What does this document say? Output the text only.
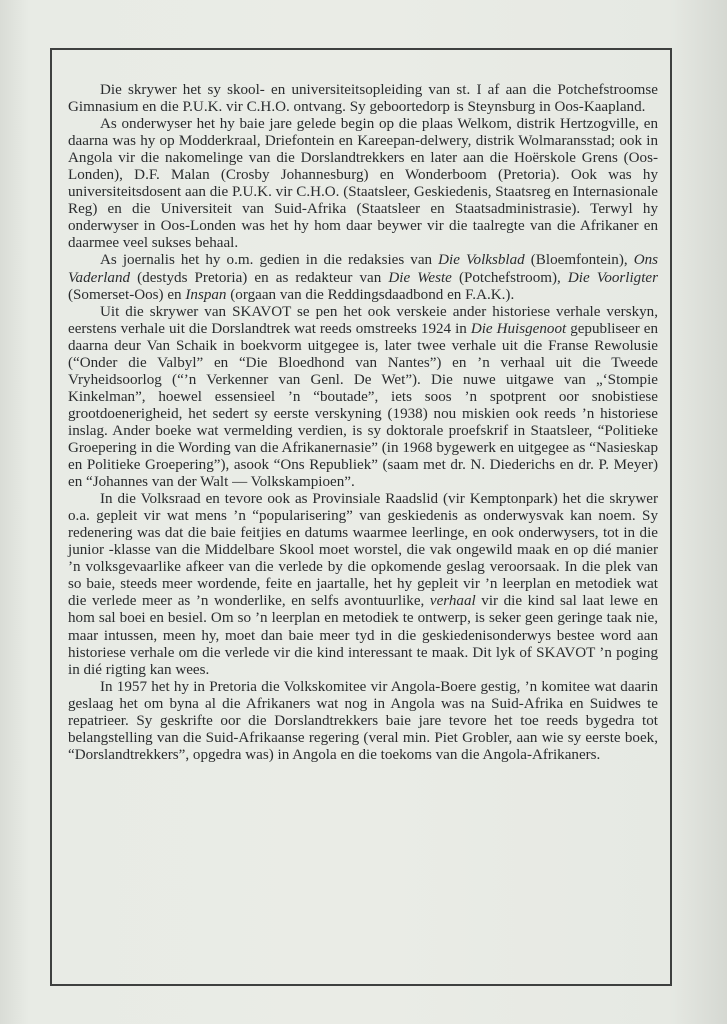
Die skrywer het sy skool- en universiteitsopleiding van st. I af aan die Potchefstroomse Gimnasium en die P.U.K. vir C.H.O. ontvang. Sy geboortedorp is Steynsburg in Oos-Kaapland.

As onderwyser het hy baie jare gelede begin op die plaas Welkom, distrik Hertzogville, en daarna was hy op Modderkraal, Driefontein en Kareepan-delwery, distrik Wolmaransstad; ook in Angola vir die nakomelinge van die Dorslandtrekkers en later aan die Hoërskole Grens (Oos-Londen), D.F. Malan (Crosby Johannesburg) en Wonderboom (Pretoria). Ook was hy universiteitsdosent aan die P.U.K. vir C.H.O. (Staatsleer, Geskiedenis, Staatsreg en Internasionale Reg) en die Universiteit van Suid-Afrika (Staatsleer en Staatsadministrasie). Terwyl hy onderwyser in Oos-Londen was het hy hom daar beywer vir die taalregte van die Afrikaner en daarmee veel sukses behaal.

As joernalis het hy o.m. gedien in die redaksies van Die Volksblad (Bloemfontein), Ons Vaderland (destyds Pretoria) en as redakteur van Die Weste (Potchefstroom), Die Voorligter (Somerset-Oos) en Inspan (orgaan van die Reddingsdaadbond en F.A.K.).

Uit die skrywer van SKAVOT se pen het ook verskeie ander historiese verhale verskyn, eerstens verhale uit die Dorslandtrek wat reeds omstreeks 1924 in Die Huisgenoot gepubliseer en daarna deur Van Schaik in boekvorm uitgegee is, later twee verhale uit die Franse Rewolusie (“Onder die Valbyl” en “Die Bloedhond van Nantes”) en ’n verhaal uit die Tweede Vryheidsoorlog (“’n Verkenner van Genl. De Wet”). Die nuwe uitgawe van „‘Stompie Kinkelman”, hoewel essensieel ’n “boutade”, iets soos ’n spotprent oor snobistiese grootdoenerigheid, het sedert sy eerste verskyning (1938) nou miskien ook reeds ’n historiese inslag. Ander boeke wat vermelding verdien, is sy doktorale proefskrif in Staatsleer, “Politieke Groepering in die Wording van die Afrikanernasie” (in 1968 bygewerk en uitgegee as “Nasieskap en Politieke Groepering”), asook “Ons Republiek” (saam met dr. N. Diederichs en dr. P. Meyer) en “Johannes van der Walt — Volkskampioen”.

In die Volksraad en tevore ook as Provinsiale Raadslid (vir Kemptonpark) het die skrywer o.a. gepleit vir wat mens ’n “popularisering” van geskiedenis as onderwysvak kan noem. Sy redenering was dat die baie feitjies en datums waarmee leerlinge, en ook onderwysers, tot in die junior -klasse van die Middelbare Skool moet worstel, die vak ongewild maak en op dié manier ’n volksgevaarlike afkeer van die verlede by die opkomende geslag veroorsaak. In die plek van so baie, steeds meer wordende, feite en jaartalle, het hy gepleit vir ’n leerplan en metodiek wat die verlede meer as ’n wonderlike, en selfs avontuurlike, verhaal vir die kind sal laat lewe en hom sal boei en besiel. Om so ’n leerplan en metodiek te ontwerp, is seker geen geringe taak nie, maar intussen, meen hy, moet dan baie meer tyd in die geskiedenisonderwys bestee word aan historiese verhale om die verlede vir die kind interessant te maak. Dit lyk of SKAVOT ’n poging in dié rigting kan wees.

In 1957 het hy in Pretoria die Volkskomitee vir Angola-Boere gestig, ’n komitee wat daarin geslaag het om byna al die Afrikaners wat nog in Angola was na Suid-Afrika en Suidwes te repatrieer. Sy geskrifte oor die Dorslandtrekkers baie jare tevore het toe reeds bygedra tot belangstelling van die Suid-Afrikaanse regering (veral min. Piet Grobler, aan wie sy eerste boek, “Dorslandtrekkers”, opgedra was) in Angola en die toekoms van die Angola-Afrikaners.
